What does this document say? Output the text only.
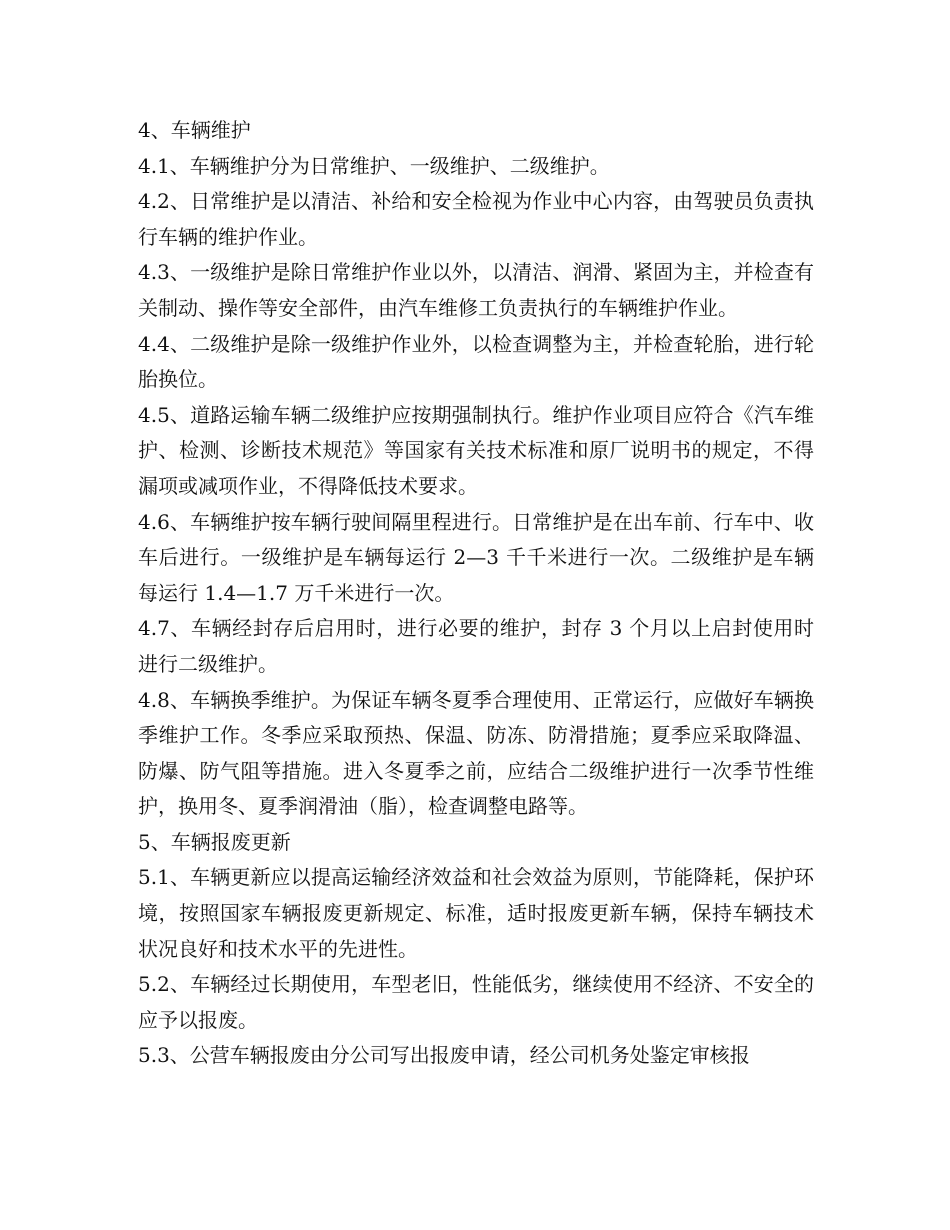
4、车辆维护

4.1、车辆维护分为日常维护、一级维护、二级维护。

4.2、日常维护是以清洁、补给和安全检视为作业中心内容，由驾驶员负责执行车辆的维护作业。

4.3、一级维护是除日常维护作业以外，以清洁、润滑、紧固为主，并检查有关制动、操作等安全部件，由汽车维修工负责执行的车辆维护作业。

4.4、二级维护是除一级维护作业外，以检查调整为主，并检查轮胎，进行轮胎换位。

4.5、道路运输车辆二级维护应按期强制执行。维护作业项目应符合《汽车维护、检测、诊断技术规范》等国家有关技术标准和原厂说明书的规定，不得漏项或减项作业，不得降低技术要求。

4.6、车辆维护按车辆行驶间隔里程进行。日常维护是在出车前、行车中、收车后进行。一级维护是车辆每运行 2—3 千千米进行一次。二级维护是车辆每运行 1.4—1.7 万千米进行一次。

4.7、车辆经封存后启用时，进行必要的维护，封存 3 个月以上启封使用时进行二级维护。

4.8、车辆换季维护。为保证车辆冬夏季合理使用、正常运行，应做好车辆换季维护工作。冬季应采取预热、保温、防冻、防滑措施；夏季应采取降温、防爆、防气阻等措施。进入冬夏季之前，应结合二级维护进行一次季节性维护，换用冬、夏季润滑油（脂），检查调整电路等。

5、车辆报废更新

5.1、车辆更新应以提高运输经济效益和社会效益为原则，节能降耗，保护环境，按照国家车辆报废更新规定、标准，适时报废更新车辆，保持车辆技术状况良好和技术水平的先进性。

5.2、车辆经过长期使用，车型老旧，性能低劣，继续使用不经济、不安全的应予以报废。

5.3、公营车辆报废由分公司写出报废申请，经公司机务处鉴定审核报
